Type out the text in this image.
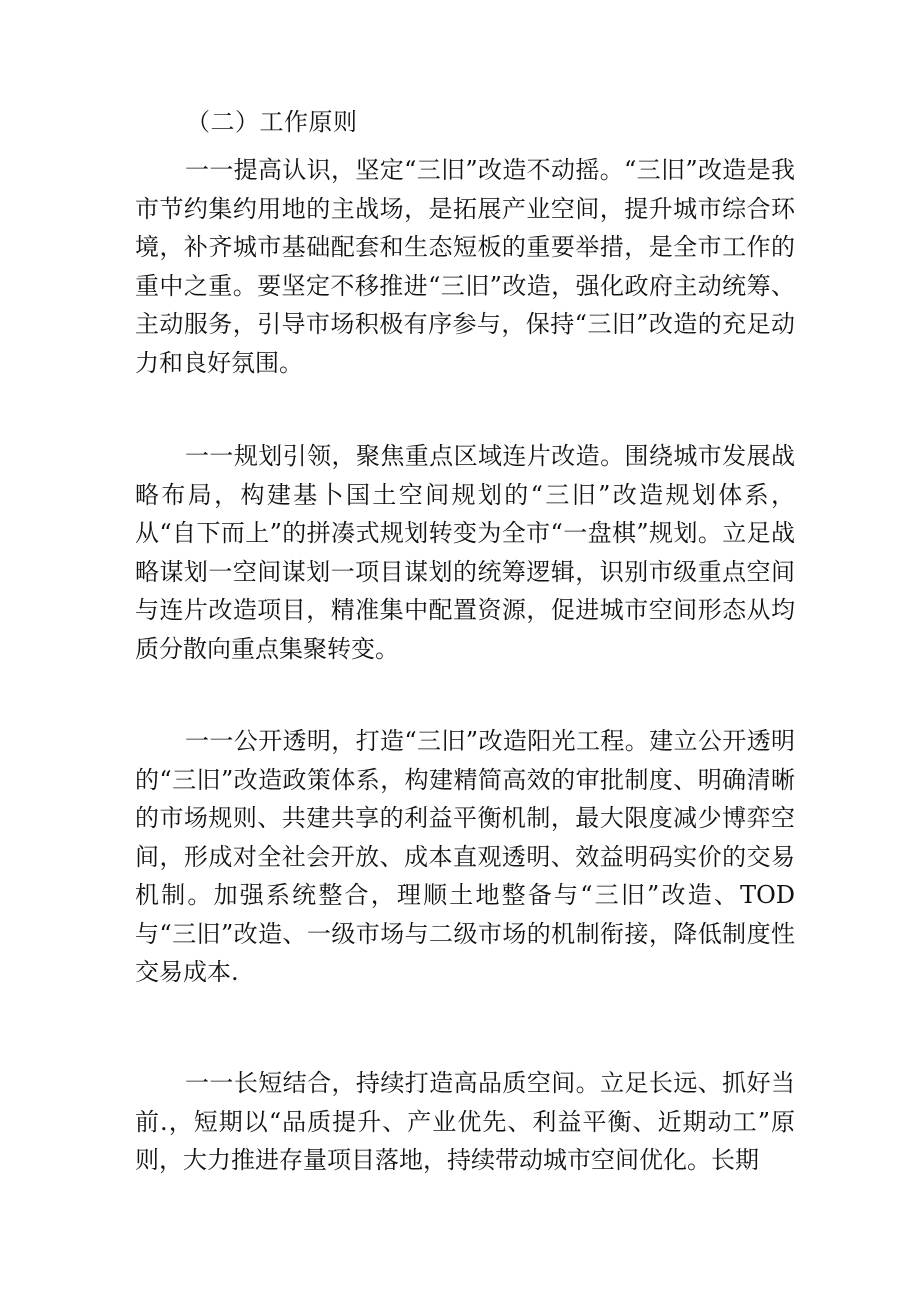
（二）工作原则

一一提高认识，坚定“三旧”改造不动摇。“三旧”改造是我市节约集约用地的主战场，是拓展产业空间，提升城市综合环境，补齐城市基础配套和生态短板的重要举措，是全市工作的重中之重。要坚定不移推进“三旧”改造，强化政府主动统筹、主动服务，引导市场积极有序参与，保持“三旧”改造的充足动力和良好氛围。

一一规划引领，聚焦重点区域连片改造。围绕城市发展战略布局，构建基卜国土空间规划的“三旧”改造规划体系，从“自下而上”的拼凑式规划转变为全市“一盘棋”规划。立足战略谋划一空间谋划一项目谋划的统筹逻辑，识别市级重点空间与连片改造项目，精准集中配置资源，促进城市空间形态从均质分散向重点集聚转变。

一一公开透明，打造“三旧”改造阳光工程。建立公开透明的“三旧”改造政策体系，构建精简高效的审批制度、明确清晰的市场规则、共建共享的利益平衡机制，最大限度减少博弈空间，形成对全社会开放、成本直观透明、效益明码实价的交易机制。加强系统整合，理顺土地整备与“三旧”改造、TOD与“三旧”改造、一级市场与二级市场的机制衔接，降低制度性交易成本.

一一长短结合，持续打造高品质空间。立足长远、抓好当前.，短期以“品质提升、产业优先、利益平衡、近期动工”原则，大力推进存量项目落地，持续带动城市空间优化。长期
